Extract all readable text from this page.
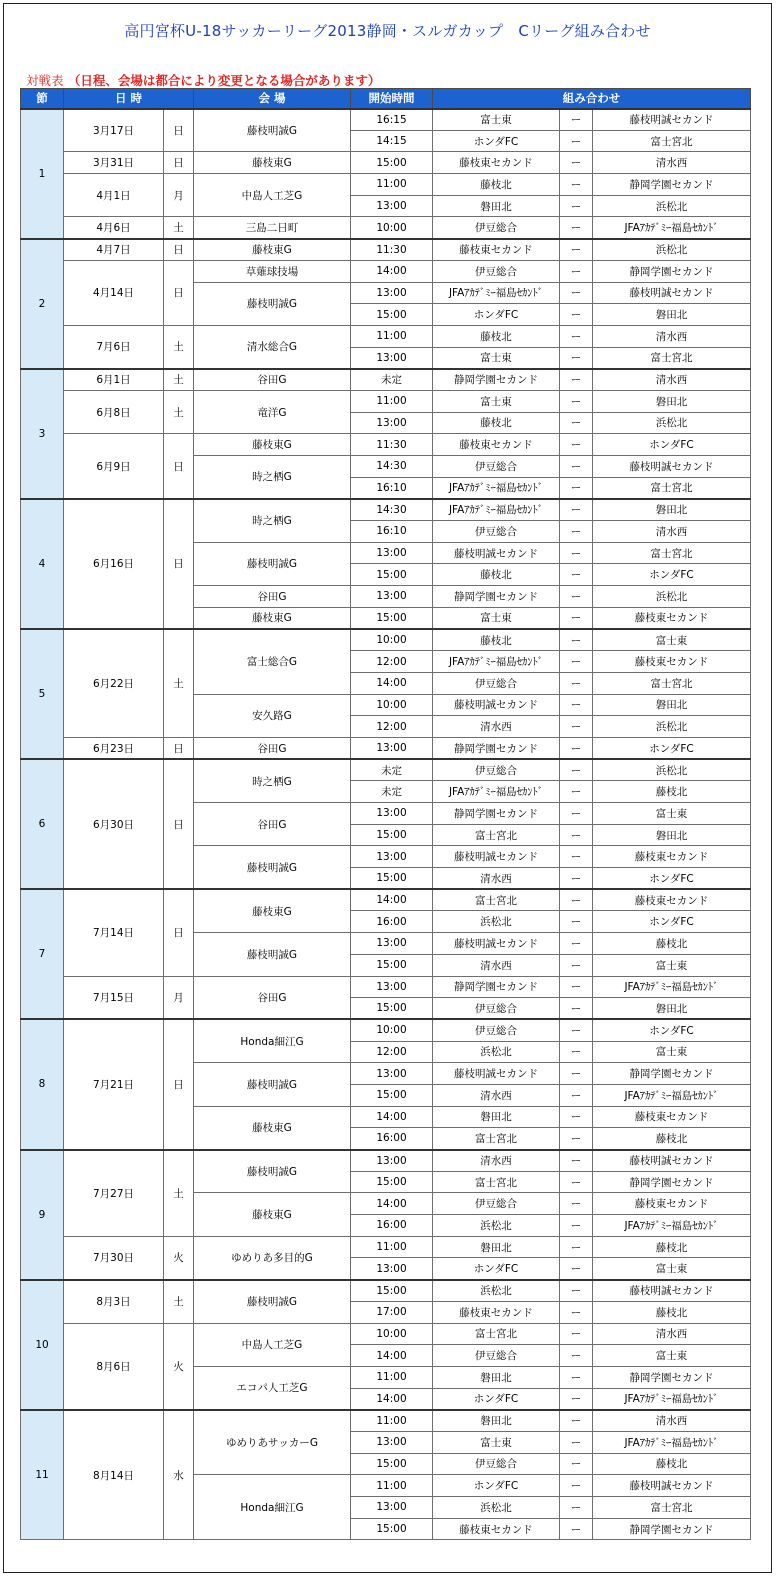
高円宮杯U-18サッカーリーグ2013静岡・スルガカップ　Cリーグ組み合わせ
対戦表 （日程、会場は都合により変更となる場合があります）
節	日 時		会 場	開始時間	組み合わせ		
1	3月17日	日	藤枝明誠G	16:15	富士東	ー	藤枝明誠セカンド
				14:15	ホンダFC	ー	富士宮北
	3月31日	日	藤枝東G	15:00	藤枝東セカンド	ー	清水西
	4月1日	月	中島人工芝G	11:00	藤枝北	ー	静岡学園セカンド
				13:00	磐田北	ー	浜松北
	4月6日	土	三島二日町	10:00	伊豆総合	ー	JFAｱｶﾃﾞﾐｰ福島ｾｶﾝﾄﾞ
2	4月7日	日	藤枝東G	11:30	藤枝東セカンド	ー	浜松北
	4月14日	日	草薙球技場	14:00	伊豆総合	ー	静岡学園セカンド
			藤枝明誠G	13:00	JFAｱｶﾃﾞﾐｰ福島ｾｶﾝﾄﾞ	ー	藤枝明誠セカンド
				15:00	ホンダFC	ー	磐田北
	7月6日	土	清水総合G	11:00	藤枝北	ー	清水西
				13:00	富士東	ー	富士宮北
3	6月1日	土	谷田G	未定	静岡学園セカンド	ー	清水西
	6月8日	土	竜洋G	11:00	富士東	ー	磐田北
				13:00	藤枝北	ー	浜松北
	6月9日	日	藤枝東G	11:30	藤枝東セカンド	ー	ホンダFC
			時之栖G	14:30	伊豆総合	ー	藤枝明誠セカンド
				16:10	JFAｱｶﾃﾞﾐｰ福島ｾｶﾝﾄﾞ	ー	富士宮北
4	6月16日	日	時之栖G	14:30	JFAｱｶﾃﾞﾐｰ福島ｾｶﾝﾄﾞ	ー	磐田北
				16:10	伊豆総合	ー	清水西
			藤枝明誠G	13:00	藤枝明誠セカンド	ー	富士宮北
				15:00	藤枝北	ー	ホンダFC
			谷田G	13:00	静岡学園セカンド	ー	浜松北
			藤枝東G	15:00	富士東	ー	藤枝東セカンド
5	6月22日	土	富士総合G	10:00	藤枝北	ー	富士東
				12:00	JFAｱｶﾃﾞﾐｰ福島ｾｶﾝﾄﾞ	ー	藤枝東セカンド
				14:00	伊豆総合	ー	富士宮北
			安久路G	10:00	藤枝明誠セカンド	ー	磐田北
				12:00	清水西	ー	浜松北
	6月23日	日	谷田G	13:00	静岡学園セカンド	ー	ホンダFC
6	6月30日	日	時之栖G	未定	伊豆総合	ー	浜松北
				未定	JFAｱｶﾃﾞﾐｰ福島ｾｶﾝﾄﾞ	ー	藤枝北
			谷田G	13:00	静岡学園セカンド	ー	富士東
				15:00	富士宮北	ー	磐田北
			藤枝明誠G	13:00	藤枝明誠セカンド	ー	藤枝東セカンド
				15:00	清水西	ー	ホンダFC
7	7月14日	日	藤枝東G	14:00	富士宮北	ー	藤枝東セカンド
				16:00	浜松北	ー	ホンダFC
			藤枝明誠G	13:00	藤枝明誠セカンド	ー	藤枝北
				15:00	清水西	ー	富士東
	7月15日	月	谷田G	13:00	静岡学園セカンド	ー	JFAｱｶﾃﾞﾐｰ福島ｾｶﾝﾄﾞ
				15:00	伊豆総合	ー	磐田北
8	7月21日	日	Honda細江G	10:00	伊豆総合	ー	ホンダFC
				12:00	浜松北	ー	富士東
			藤枝明誠G	13:00	藤枝明誠セカンド	ー	静岡学園セカンド
				15:00	清水西	ー	JFAｱｶﾃﾞﾐｰ福島ｾｶﾝﾄﾞ
			藤枝東G	14:00	磐田北	ー	藤枝東セカンド
				16:00	富士宮北	ー	藤枝北
9	7月27日	土	藤枝明誠G	13:00	清水西	ー	藤枝明誠セカンド
				15:00	富士宮北	ー	静岡学園セカンド
			藤枝東G	14:00	伊豆総合	ー	藤枝東セカンド
				16:00	浜松北	ー	JFAｱｶﾃﾞﾐｰ福島ｾｶﾝﾄﾞ
	7月30日	火	ゆめりあ多目的G	11:00	磐田北	ー	藤枝北
				13:00	ホンダFC	ー	富士東
10	8月3日	土	藤枝明誠G	15:00	浜松北	ー	藤枝明誠セカンド
				17:00	藤枝東セカンド	ー	藤枝北
	8月6日	火	中島人工芝G	10:00	富士宮北	ー	清水西
				14:00	伊豆総合	ー	富士東
			エコパ人工芝G	11:00	磐田北	ー	静岡学園セカンド
				14:00	ホンダFC	ー	JFAｱｶﾃﾞﾐｰ福島ｾｶﾝﾄﾞ
11	8月14日	水	ゆめりあサッカーG	11:00	磐田北	ー	清水西
				13:00	富士東	ー	JFAｱｶﾃﾞﾐｰ福島ｾｶﾝﾄﾞ
				15:00	伊豆総合	ー	藤枝北
			Honda細江G	11:00	ホンダFC	ー	藤枝明誠セカンド
				13:00	浜松北	ー	富士宮北
				15:00	藤枝東セカンド	ー	静岡学園セカンド
